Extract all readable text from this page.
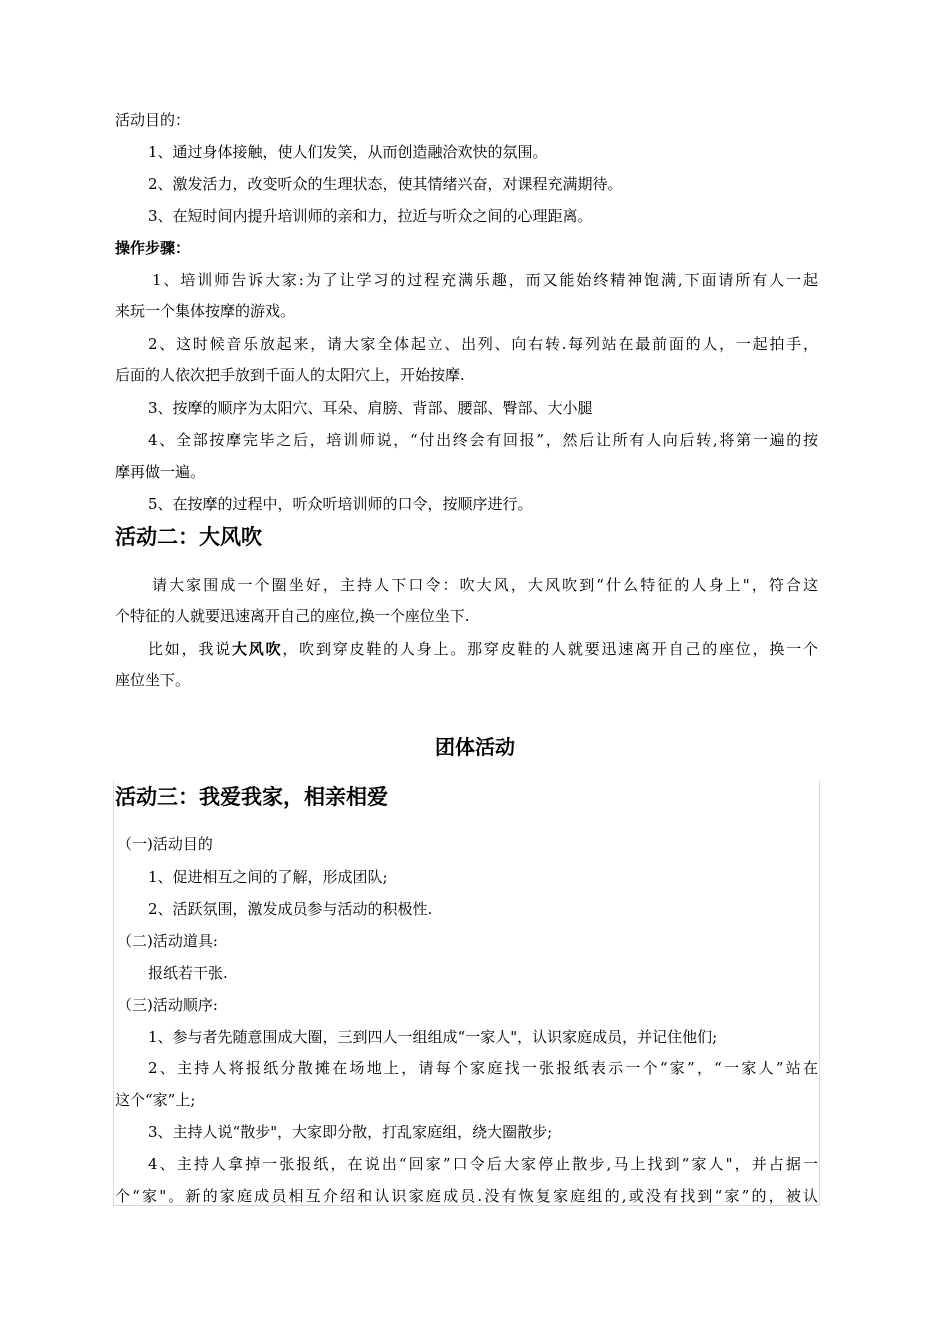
活动目的：
1、通过身体接触，使人们发笑，从而创造融洽欢快的氛围。
2、激发活力，改变听众的生理状态，使其情绪兴奋，对课程充满期待。
3、在短时间内提升培训师的亲和力，拉近与听众之间的心理距离。
操作步骤：
1、培训师告诉大家:为了让学习的过程充满乐趣，而又能始终精神饱满,下面请所有人一起
来玩一个集体按摩的游戏。
2、这时候音乐放起来，请大家全体起立、出列、向右转.每列站在最前面的人，一起拍手，
后面的人依次把手放到千面人的太阳穴上，开始按摩.
3、按摩的顺序为太阳穴、耳朵、肩膀、背部、腰部、臀部、大小腿
4、全部按摩完毕之后，培训师说，“付出终会有回报”，然后让所有人向后转,将第一遍的按
摩再做一遍。
5、在按摩的过程中，听众听培训师的口令，按顺序进行。
活动二：大风吹
请大家围成一个圈坐好，主持人下口令：吹大风，大风吹到“什么特征的人身上"，符合这
个特征的人就要迅速离开自己的座位,换一个座位坐下.
比如，我说大风吹，吹到穿皮鞋的人身上。那穿皮鞋的人就要迅速离开自己的座位，换一个
座位坐下。
团体活动
活动三：我爱我家，相亲相爱
（一)活动目的
1、促进相互之间的了解，形成团队;
2、活跃氛围，激发成员参与活动的积极性.
（二)活动道具:
报纸若干张.
（三)活动顺序:
1、参与者先随意围成大圈，三到四人一组组成“一家人"，认识家庭成员，并记住他们;
2、主持人将报纸分散摊在场地上，请每个家庭找一张报纸表示一个“家”，“一家人”站在
这个“家”上;
3、主持人说“散步"，大家即分散，打乱家庭组，绕大圈散步;
4、主持人拿掉一张报纸，在说出“回家”口令后大家停止散步,马上找到“家人"，并占据一
个“家"。新的家庭成员相互介绍和认识家庭成员.没有恢复家庭组的,或没有找到“家”的，被认
